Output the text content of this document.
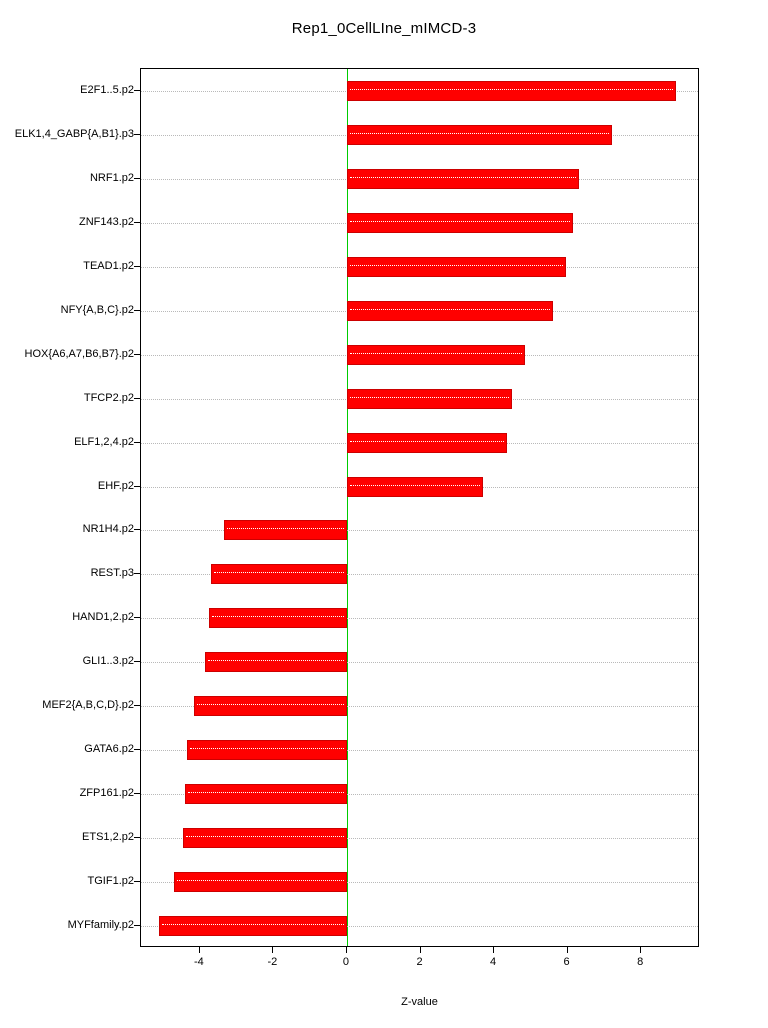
Rep1_0CellLIne_mIMCD-3
E2F1..5.p2
ELK1,4_GABP{A,B1}.p3
NRF1.p2
ZNF143.p2
TEAD1.p2
NFY{A,B,C}.p2
HOX{A6,A7,B6,B7}.p2
TFCP2.p2
ELF1,2,4.p2
EHF.p2
NR1H4.p2
REST.p3
HAND1,2.p2
GLI1..3.p2
MEF2{A,B,C,D}.p2
GATA6.p2
ZFP161.p2
ETS1,2.p2
TGIF1.p2
MYFfamily.p2
-4	-2	0	2	4	6	8
Z-value
